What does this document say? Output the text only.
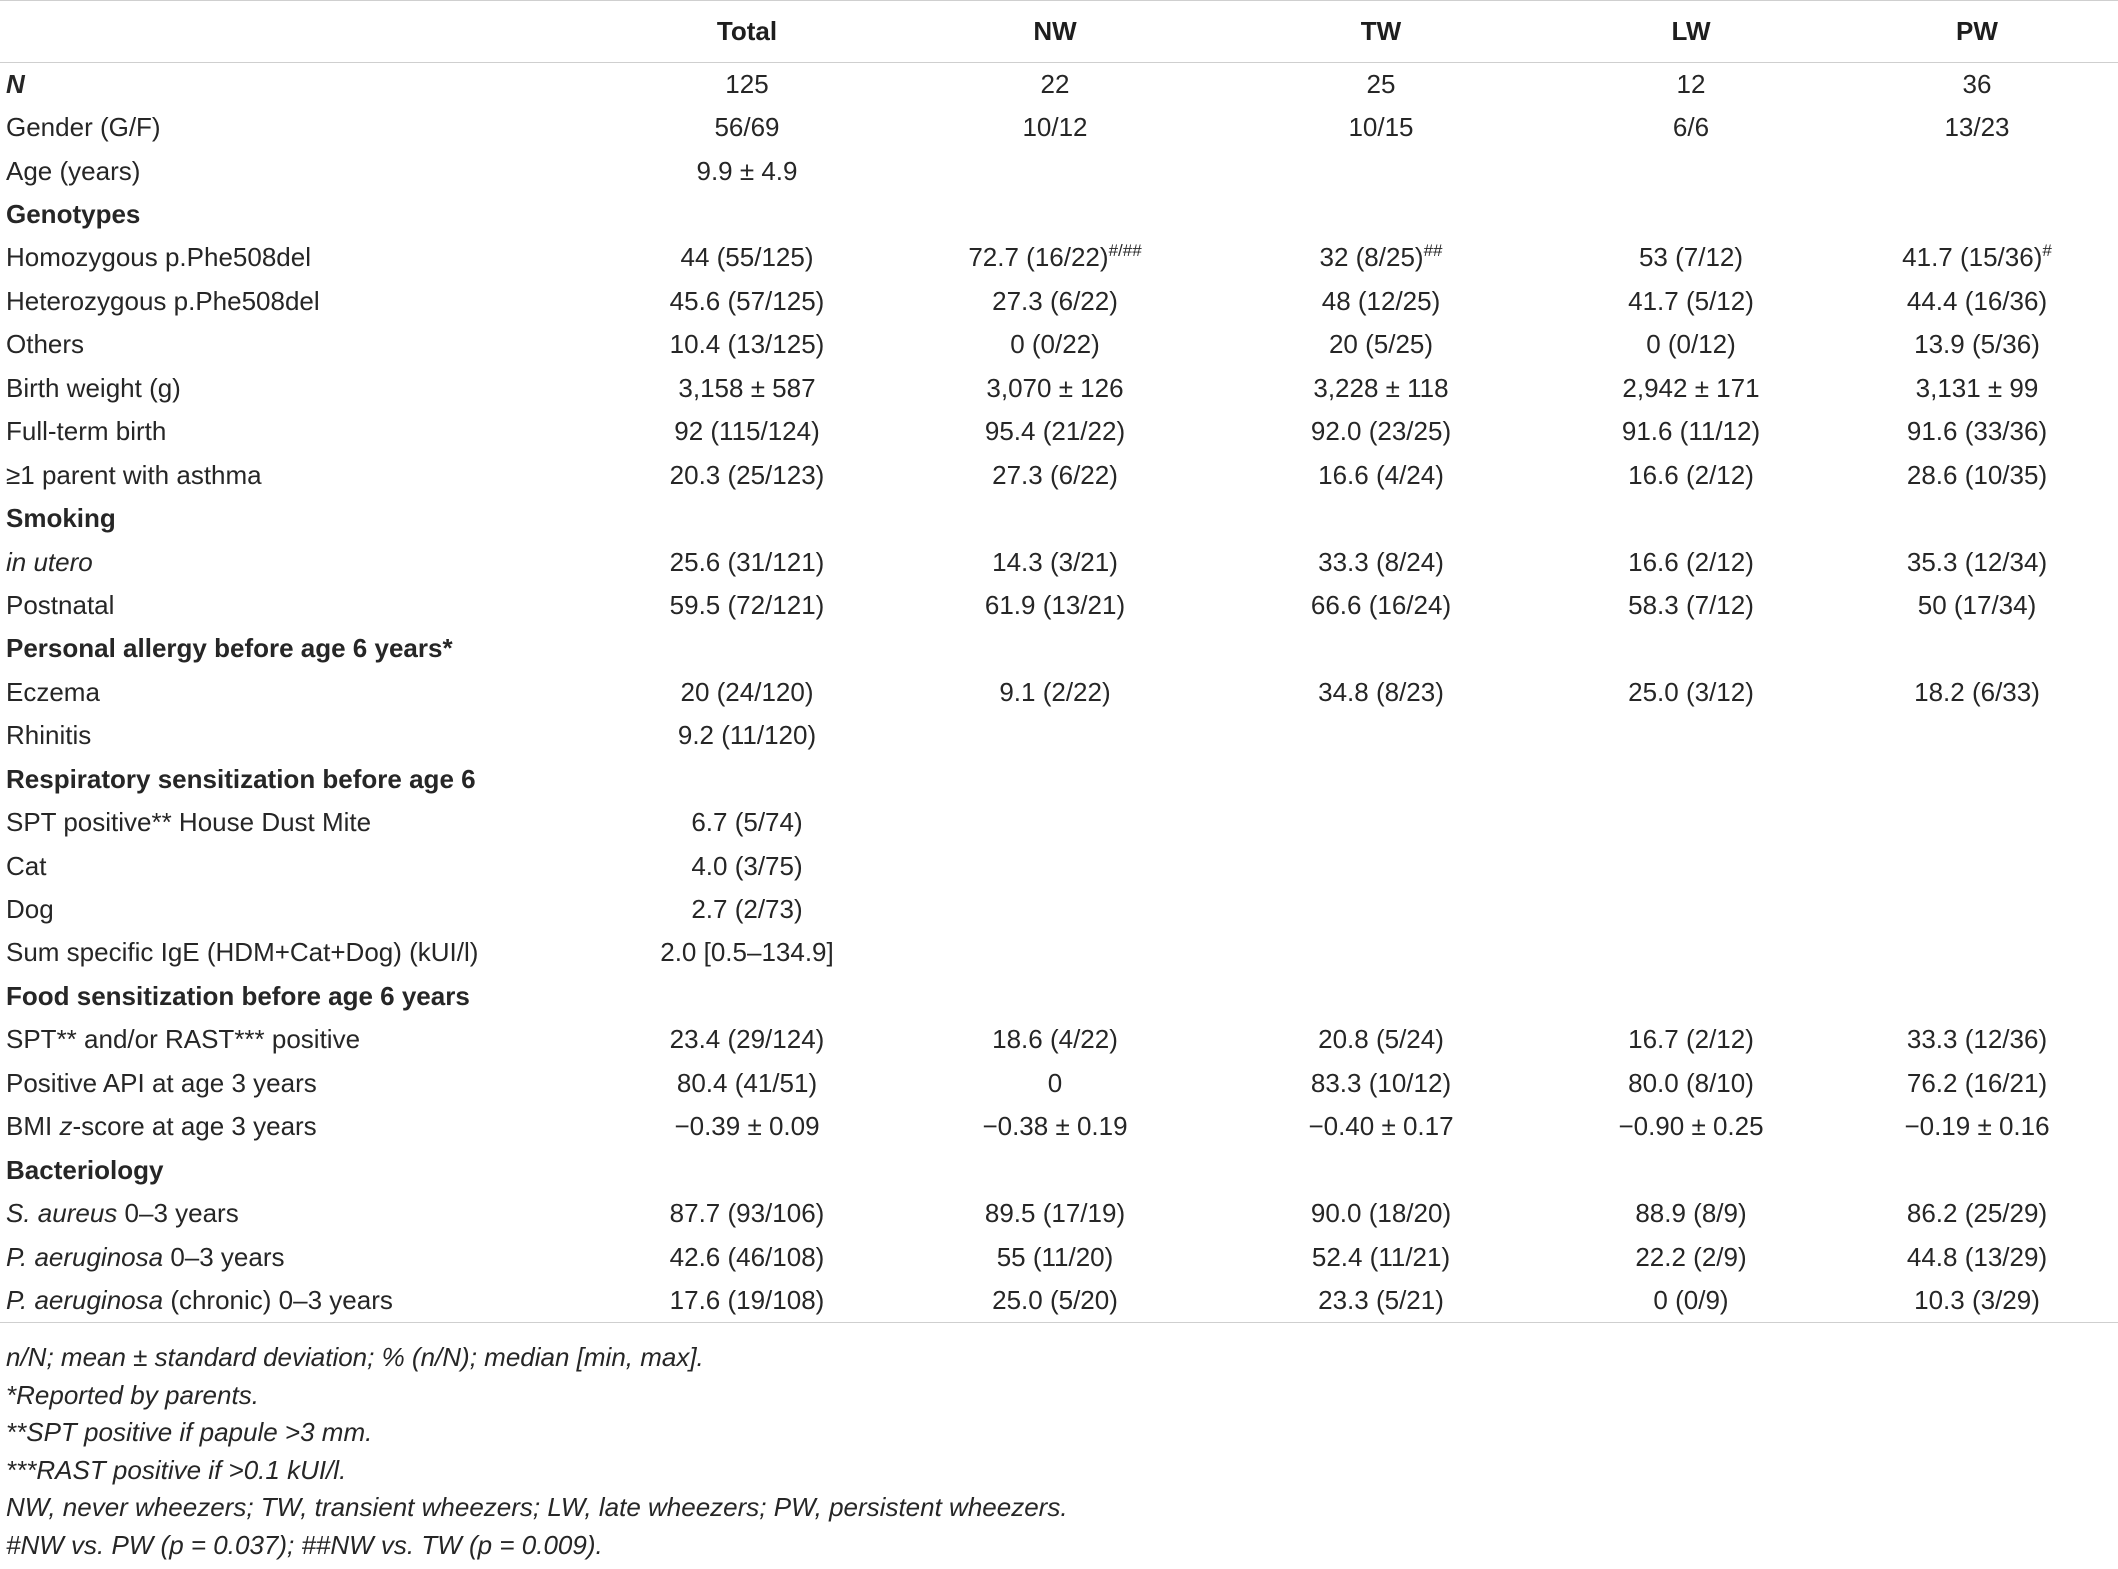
	Total	NW	TW	LW	PW
N	125	22	25	12	36
Gender (G/F)	56/69	10/12	10/15	6/6	13/23
Age (years)	9.9 ± 4.9				
Genotypes					
Homozygous p.Phe508del	44 (55/125)	72.7 (16/22)#/##	32 (8/25)##	53 (7/12)	41.7 (15/36)#
Heterozygous p.Phe508del	45.6 (57/125)	27.3 (6/22)	48 (12/25)	41.7 (5/12)	44.4 (16/36)
Others	10.4 (13/125)	0 (0/22)	20 (5/25)	0 (0/12)	13.9 (5/36)
Birth weight (g)	3,158 ± 587	3,070 ± 126	3,228 ± 118	2,942 ± 171	3,131 ± 99
Full-term birth	92 (115/124)	95.4 (21/22)	92.0 (23/25)	91.6 (11/12)	91.6 (33/36)
≥1 parent with asthma	20.3 (25/123)	27.3 (6/22)	16.6 (4/24)	16.6 (2/12)	28.6 (10/35)
Smoking					
in utero	25.6 (31/121)	14.3 (3/21)	33.3 (8/24)	16.6 (2/12)	35.3 (12/34)
Postnatal	59.5 (72/121)	61.9 (13/21)	66.6 (16/24)	58.3 (7/12)	50 (17/34)
Personal allergy before age 6 years*					
Eczema	20 (24/120)	9.1 (2/22)	34.8 (8/23)	25.0 (3/12)	18.2 (6/33)
Rhinitis	9.2 (11/120)				
Respiratory sensitization before age 6					
SPT positive** House Dust Mite	6.7 (5/74)				
Cat	4.0 (3/75)				
Dog	2.7 (2/73)				
Sum specific IgE (HDM+Cat+Dog) (kUI/l)	2.0 [0.5–134.9]				
Food sensitization before age 6 years					
SPT** and/or RAST*** positive	23.4 (29/124)	18.6 (4/22)	20.8 (5/24)	16.7 (2/12)	33.3 (12/36)
Positive API at age 3 years	80.4 (41/51)	0	83.3 (10/12)	80.0 (8/10)	76.2 (16/21)
BMI z-score at age 3 years	−0.39 ± 0.09	−0.38 ± 0.19	−0.40 ± 0.17	−0.90 ± 0.25	−0.19 ± 0.16
Bacteriology					
S. aureus 0–3 years	87.7 (93/106)	89.5 (17/19)	90.0 (18/20)	88.9 (8/9)	86.2 (25/29)
P. aeruginosa 0–3 years	42.6 (46/108)	55 (11/20)	52.4 (11/21)	22.2 (2/9)	44.8 (13/29)
P. aeruginosa (chronic) 0–3 years	17.6 (19/108)	25.0 (5/20)	23.3 (5/21)	0 (0/9)	10.3 (3/29)
n/N; mean ± standard deviation; % (n/N); median [min, max].
*Reported by parents.
**SPT positive if papule >3 mm.
***RAST positive if >0.1 kUI/l.
NW, never wheezers; TW, transient wheezers; LW, late wheezers; PW, persistent wheezers.
#NW vs. PW (p = 0.037); ##NW vs. TW (p = 0.009).
